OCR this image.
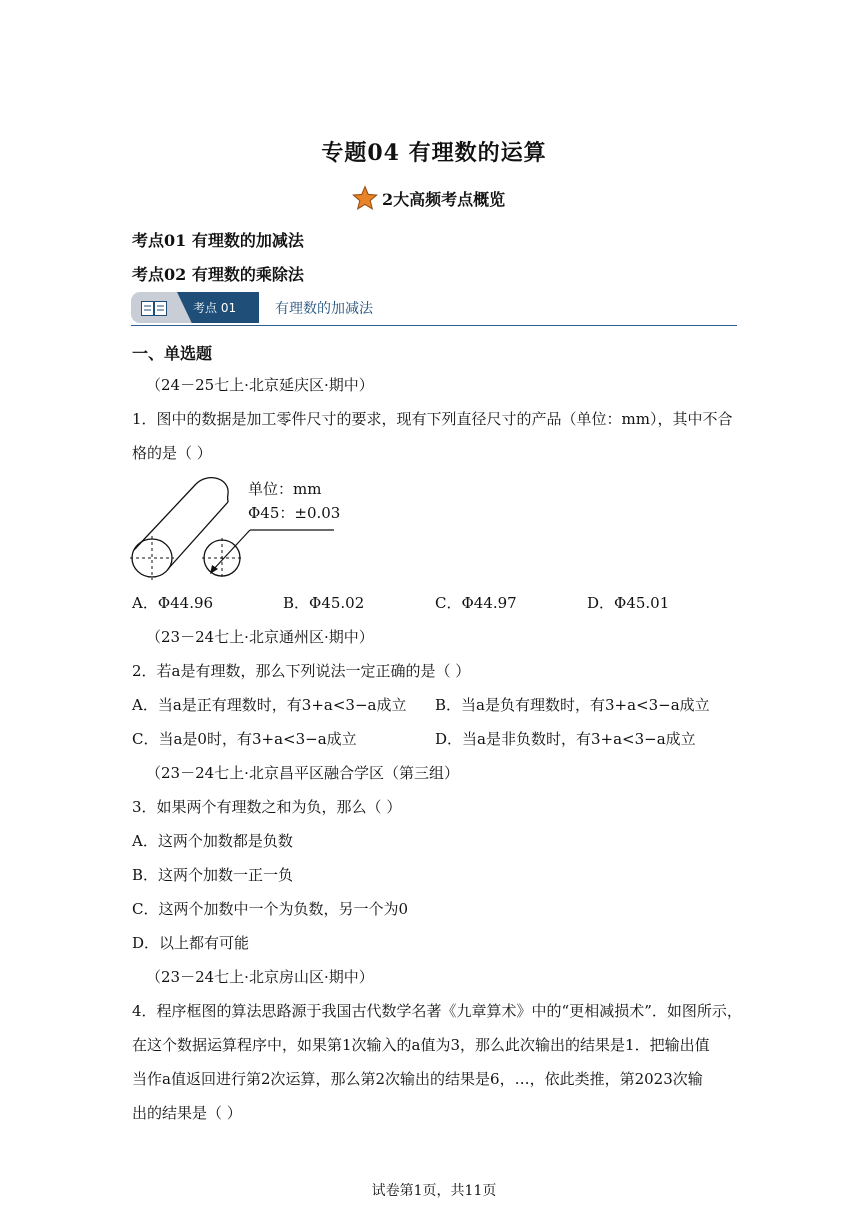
专题04 有理数的运算
2大高频考点概览
考点01 有理数的加减法
考点02 有理数的乘除法
考点 01	有理数的加减法
一、单选题
（24－25七上·北京延庆区·期中）
1．图中的数据是加工零件尺寸的要求，现有下列直径尺寸的产品（单位：mm），其中不合
格的是（ ）
单位：mm
Φ45：±0.03
A．Φ44.96	B．Φ45.02	C．Φ44.97	D．Φ45.01
（23－24七上·北京通州区·期中）
2．若a是有理数，那么下列说法一定正确的是（ ）
A．当a是正有理数时，有3+a<3−a成立 B．当a是负有理数时，有3+a<3−a成立
C．当a是0时，有3+a<3−a成立	D．当a是非负数时，有3+a<3−a成立
（23－24七上·北京昌平区融合学区（第三组）
3．如果两个有理数之和为负，那么（ ）
A．这两个加数都是负数
B．这两个加数一正一负
C．这两个加数中一个为负数，另一个为0
D．以上都有可能
（23－24七上·北京房山区·期中）
4．程序框图的算法思路源于我国古代数学名著《九章算术》中的“更相减损术”．如图所示，
在这个数据运算程序中，如果第1次输入的a值为3，那么此次输出的结果是1．把输出值
当作a值返回进行第2次运算，那么第2次输出的结果是6，…，依此类推，第2023次输
出的结果是（ ）
试卷第1页，共11页
